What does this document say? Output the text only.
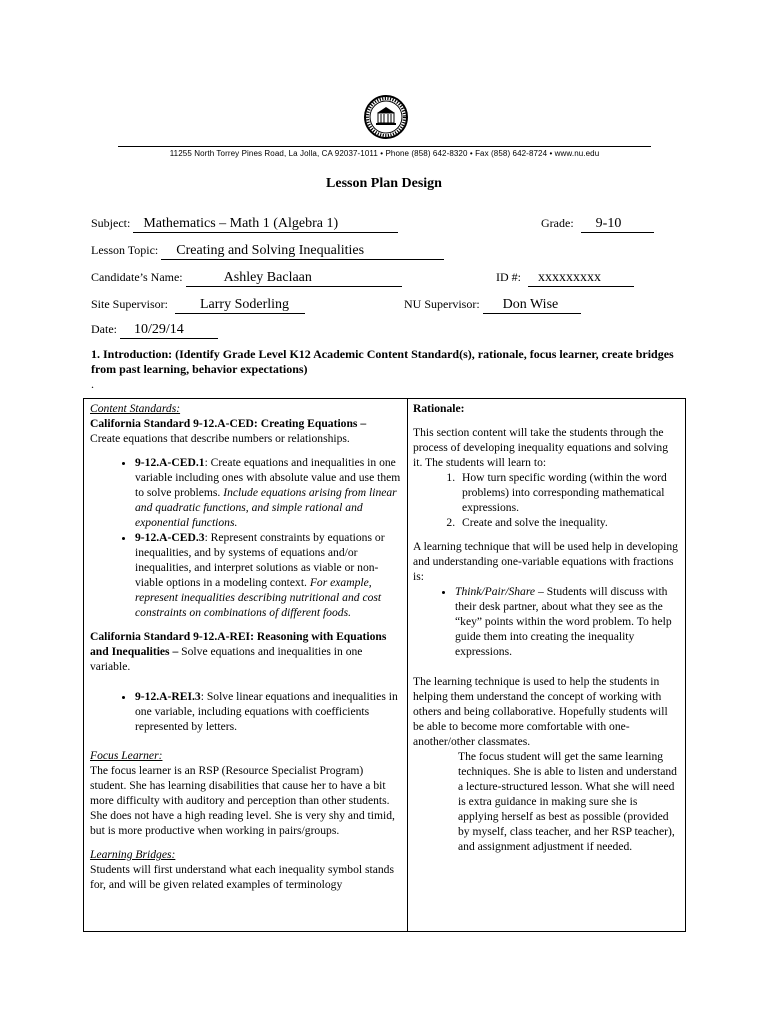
11255 North Torrey Pines Road, La Jolla, CA 92037-1011 • Phone (858) 642-8320 • Fax (858) 642-8724 • www.nu.edu
Lesson Plan Design
Subject: Mathematics – Math 1 (Algebra 1)	Grade: 9-10
Lesson Topic: Creating and Solving Inequalities
Candidate’s Name:	Ashley Baclaan	ID #: xxxxxxxxx
Site Supervisor: Larry Soderling	NU Supervisor: Don Wise
Date: 10/29/14
1. Introduction: (Identify Grade Level K12 Academic Content Standard(s), rationale, focus learner, create bridges from past learning, behavior expectations)
.

Content Standards:

California Standard 9-12.A-CED: Creating Equations –

Create equations that describe numbers or relationships.

• 9-12.A-CED.1: Create equations and inequalities in one variable including ones with absolute value and use them to solve problems. Include equations arising from linear and quadratic functions, and simple rational and exponential functions.
• 9-12.A-CED.3: Represent constraints by equations or inequalities, and by systems of equations and/or inequalities, and interpret solutions as viable or non-viable options in a modeling context. For example, represent inequalities describing nutritional and cost constraints on combinations of different foods.

California Standard 9-12.A-REI: Reasoning with Equations and Inequalities – Solve equations and inequalities in one variable.

• 9-12.A-REI.3: Solve linear equations and inequalities in one variable, including equations with coefficients represented by letters.

Focus Learner:

The focus learner is an RSP (Resource Specialist Program) student. She has learning disabilities that cause her to have a bit more difficulty with auditory and perception than other students. She does not have a high reading level. She is very shy and timid, but is more productive when working in pairs/groups.

Learning Bridges:

Students will first understand what each inequality symbol stands for, and will be given related examples of terminology

Rationale:

This section content will take the students through the process of developing inequality equations and solving it. The students will learn to:

1. How turn specific wording (within the word problems) into corresponding mathematical expressions.
2. Create and solve the inequality.

A learning technique that will be used help in developing and understanding one-variable equations with fractions is:

• Think/Pair/Share – Students will discuss with their desk partner, about what they see as the “key” points within the word problem. To help guide them into creating the inequality expressions.

The learning technique is used to help the students in helping them understand the concept of working with others and being collaborative. Hopefully students will be able to become more comfortable with one-another/other classmates.

The focus student will get the same learning techniques. She is able to listen and understand a lecture-structured lesson. What she will need is extra guidance in making sure she is applying herself as best as possible (provided by myself, class teacher, and her RSP teacher), and assignment adjustment if needed.
